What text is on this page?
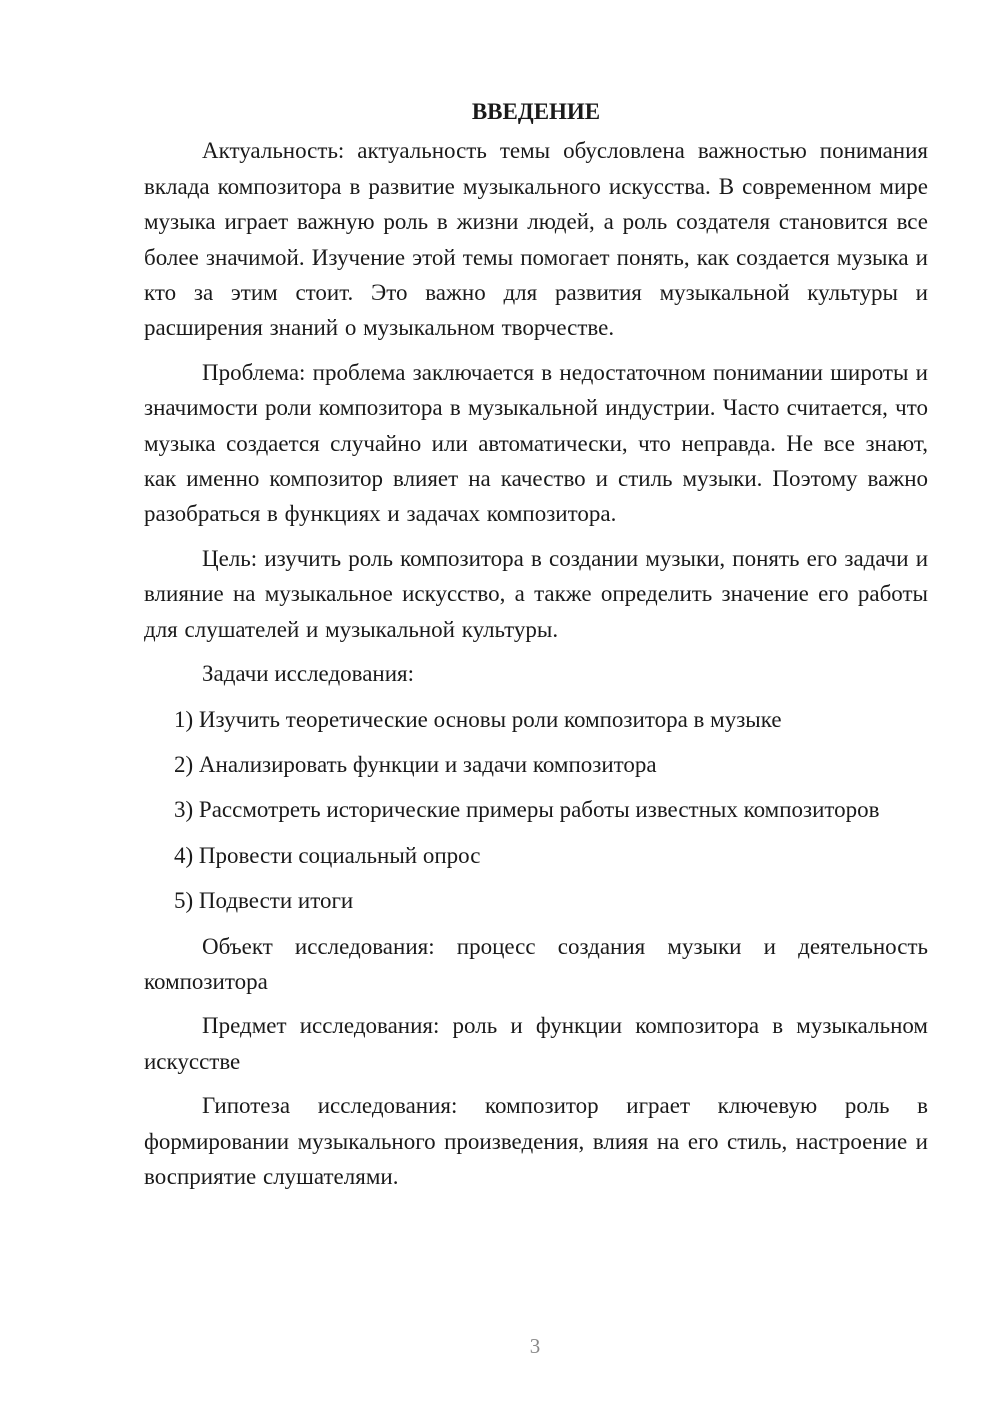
ВВЕДЕНИЕ

Актуальность: актуальность темы обусловлена важностью понимания вклада композитора в развитие музыкального искусства. В современном мире музыка играет важную роль в жизни людей, а роль создателя становится все более значимой. Изучение этой темы помогает понять, как создается музыка и кто за этим стоит. Это важно для развития музыкальной культуры и расширения знаний о музыкальном творчестве.

Проблема: проблема заключается в недостаточном понимании широты и значимости роли композитора в музыкальной индустрии. Часто считается, что музыка создается случайно или автоматически, что неправда. Не все знают, как именно композитор влияет на качество и стиль музыки. Поэтому важно разобраться в функциях и задачах композитора.

Цель: изучить роль композитора в создании музыки, понять его задачи и влияние на музыкальное искусство, а также определить значение его работы для слушателей и музыкальной культуры.

Задачи исследования:

1) Изучить теоретические основы роли композитора в музыке

2) Анализировать функции и задачи композитора

3) Рассмотреть исторические примеры работы известных композиторов

4) Провести социальный опрос

5) Подвести итоги

Объект исследования: процесс создания музыки и деятельность композитора

Предмет исследования: роль и функции композитора в музыкальном искусстве

Гипотеза исследования: композитор играет ключевую роль в формировании музыкального произведения, влияя на его стиль, настроение и восприятие слушателями.

3
